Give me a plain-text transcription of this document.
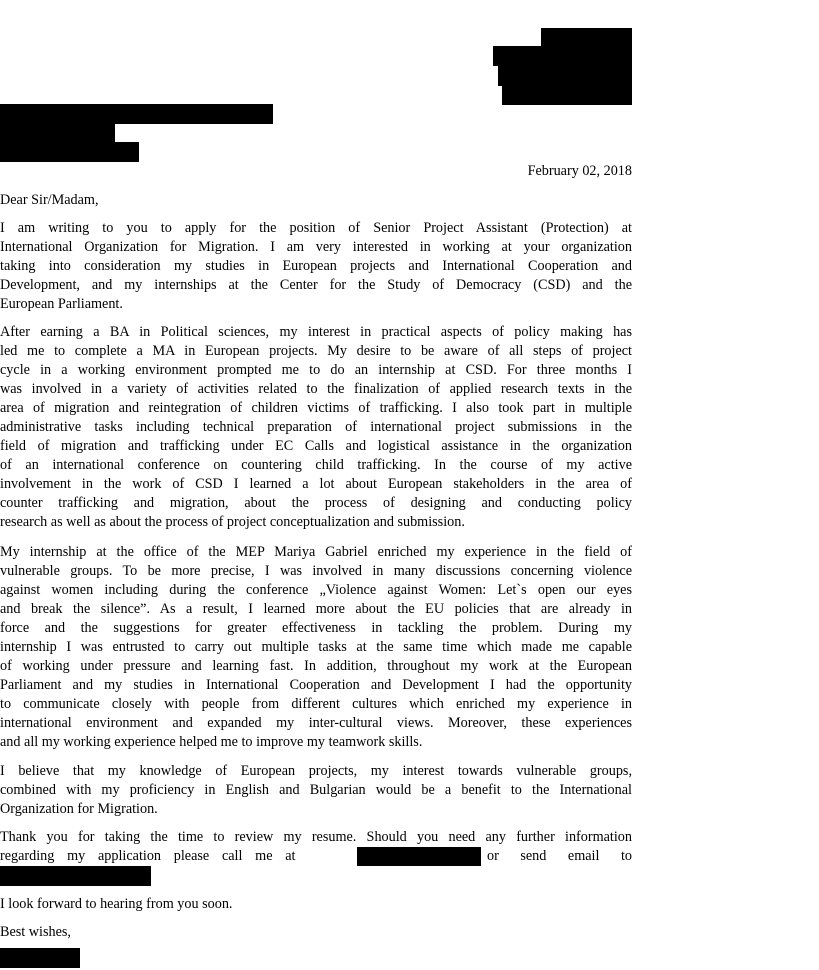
February 02, 2018
Dear Sir/Madam,
I am writing to you to apply for the position of Senior Project Assistant (Protection) at
International Organization for Migration. I am very interested in working at your organization
taking into consideration my studies in European projects and International Cooperation and
Development, and my internships at the Center for the Study of Democracy (CSD) and the
European Parliament.
After earning a BA in Political sciences, my interest in practical aspects of policy making has
led me to complete a MA in European projects. My desire to be aware of all steps of project
cycle in a working environment prompted me to do an internship at CSD. For three months I
was involved in a variety of activities related to the finalization of applied research texts in the
area of migration and reintegration of children victims of trafficking. I also took part in multiple
administrative tasks including technical preparation of international project submissions in the
field of migration and trafficking under EC Calls and logistical assistance in the organization
of an international conference on countering child trafficking. In the course of my active
involvement in the work of CSD I learned a lot about European stakeholders in the area of
counter trafficking and migration, about the process of designing and conducting policy
research as well as about the process of project conceptualization and submission.
My internship at the office of the MEP Mariya Gabriel enriched my experience in the field of
vulnerable groups. To be more precise, I was involved in many discussions concerning violence
against women including during the conference „Violence against Women: Let`s open our eyes
and break the silence”. As a result, I learned more about the EU policies that are already in
force and the suggestions for greater effectiveness in tackling the problem. During my
internship I was entrusted to carry out multiple tasks at the same time which made me capable
of working under pressure and learning fast. In addition, throughout my work at the European
Parliament and my studies in International Cooperation and Development I had the opportunity
to communicate closely with people from different cultures which enriched my experience in
international environment and expanded my inter-cultural views. Moreover, these experiences
and all my working experience helped me to improve my teamwork skills.
I believe that my knowledge of European projects, my interest towards vulnerable groups,
combined with my proficiency in English and Bulgarian would be a benefit to the International
Organization for Migration.
Thank you for taking the time to review my resume. Should you need any further information
regarding my application please call me at	or send email to
I look forward to hearing from you soon.
Best wishes,
